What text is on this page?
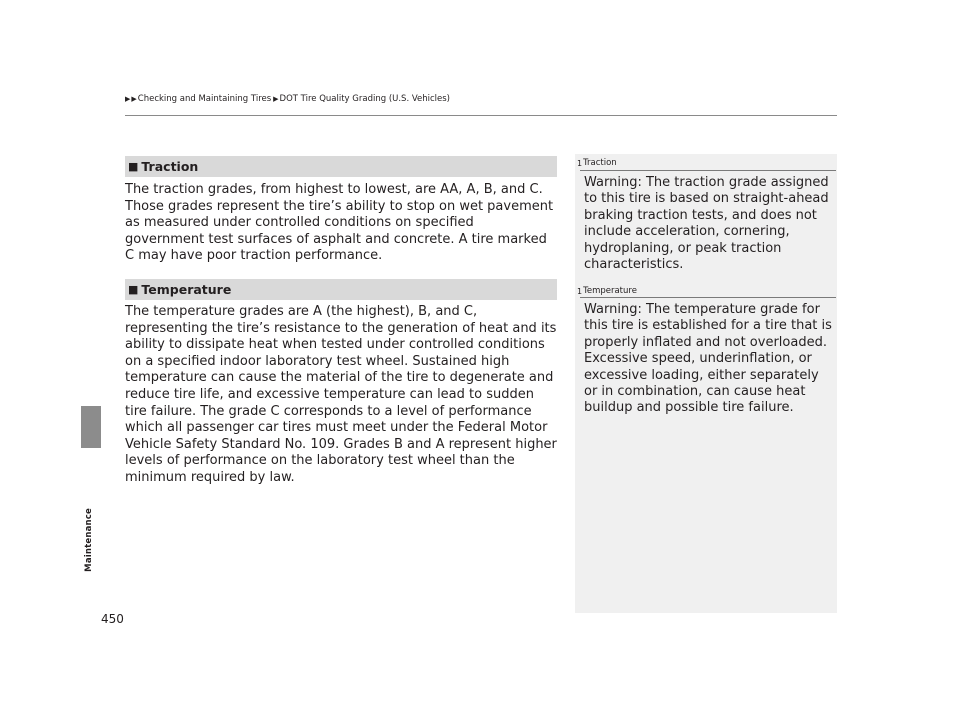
▶ ▶ Checking and Maintaining Tires ▶ DOT Tire Quality Grading (U.S. Vehicles)
Maintenance
■ Traction

The traction grades, from highest to lowest, are AA, A, B, and C. Those grades represent the tire’s ability to stop on wet pavement as measured under controlled conditions on specified government test surfaces of asphalt and concrete. A tire marked C may have poor traction performance.

■ Temperature

The temperature grades are A (the highest), B, and C, representing the tire’s resistance to the generation of heat and its ability to dissipate heat when tested under controlled conditions on a specified indoor laboratory test wheel. Sustained high temperature can cause the material of the tire to degenerate and reduce tire life, and excessive temperature can lead to sudden tire failure. The grade C corresponds to a level of performance which all passenger car tires must meet under the Federal Motor Vehicle Safety Standard No. 109. Grades B and A represent higher levels of performance on the laboratory test wheel than the minimum required by law.

1 Traction

Warning: The traction grade assigned to this tire is based on straight-ahead braking traction tests, and does not include acceleration, cornering, hydroplaning, or peak traction characteristics.

1 Temperature

Warning: The temperature grade for this tire is established for a tire that is properly inflated and not overloaded. Excessive speed, underinflation, or excessive loading, either separately or in combination, can cause heat buildup and possible tire failure.

450
